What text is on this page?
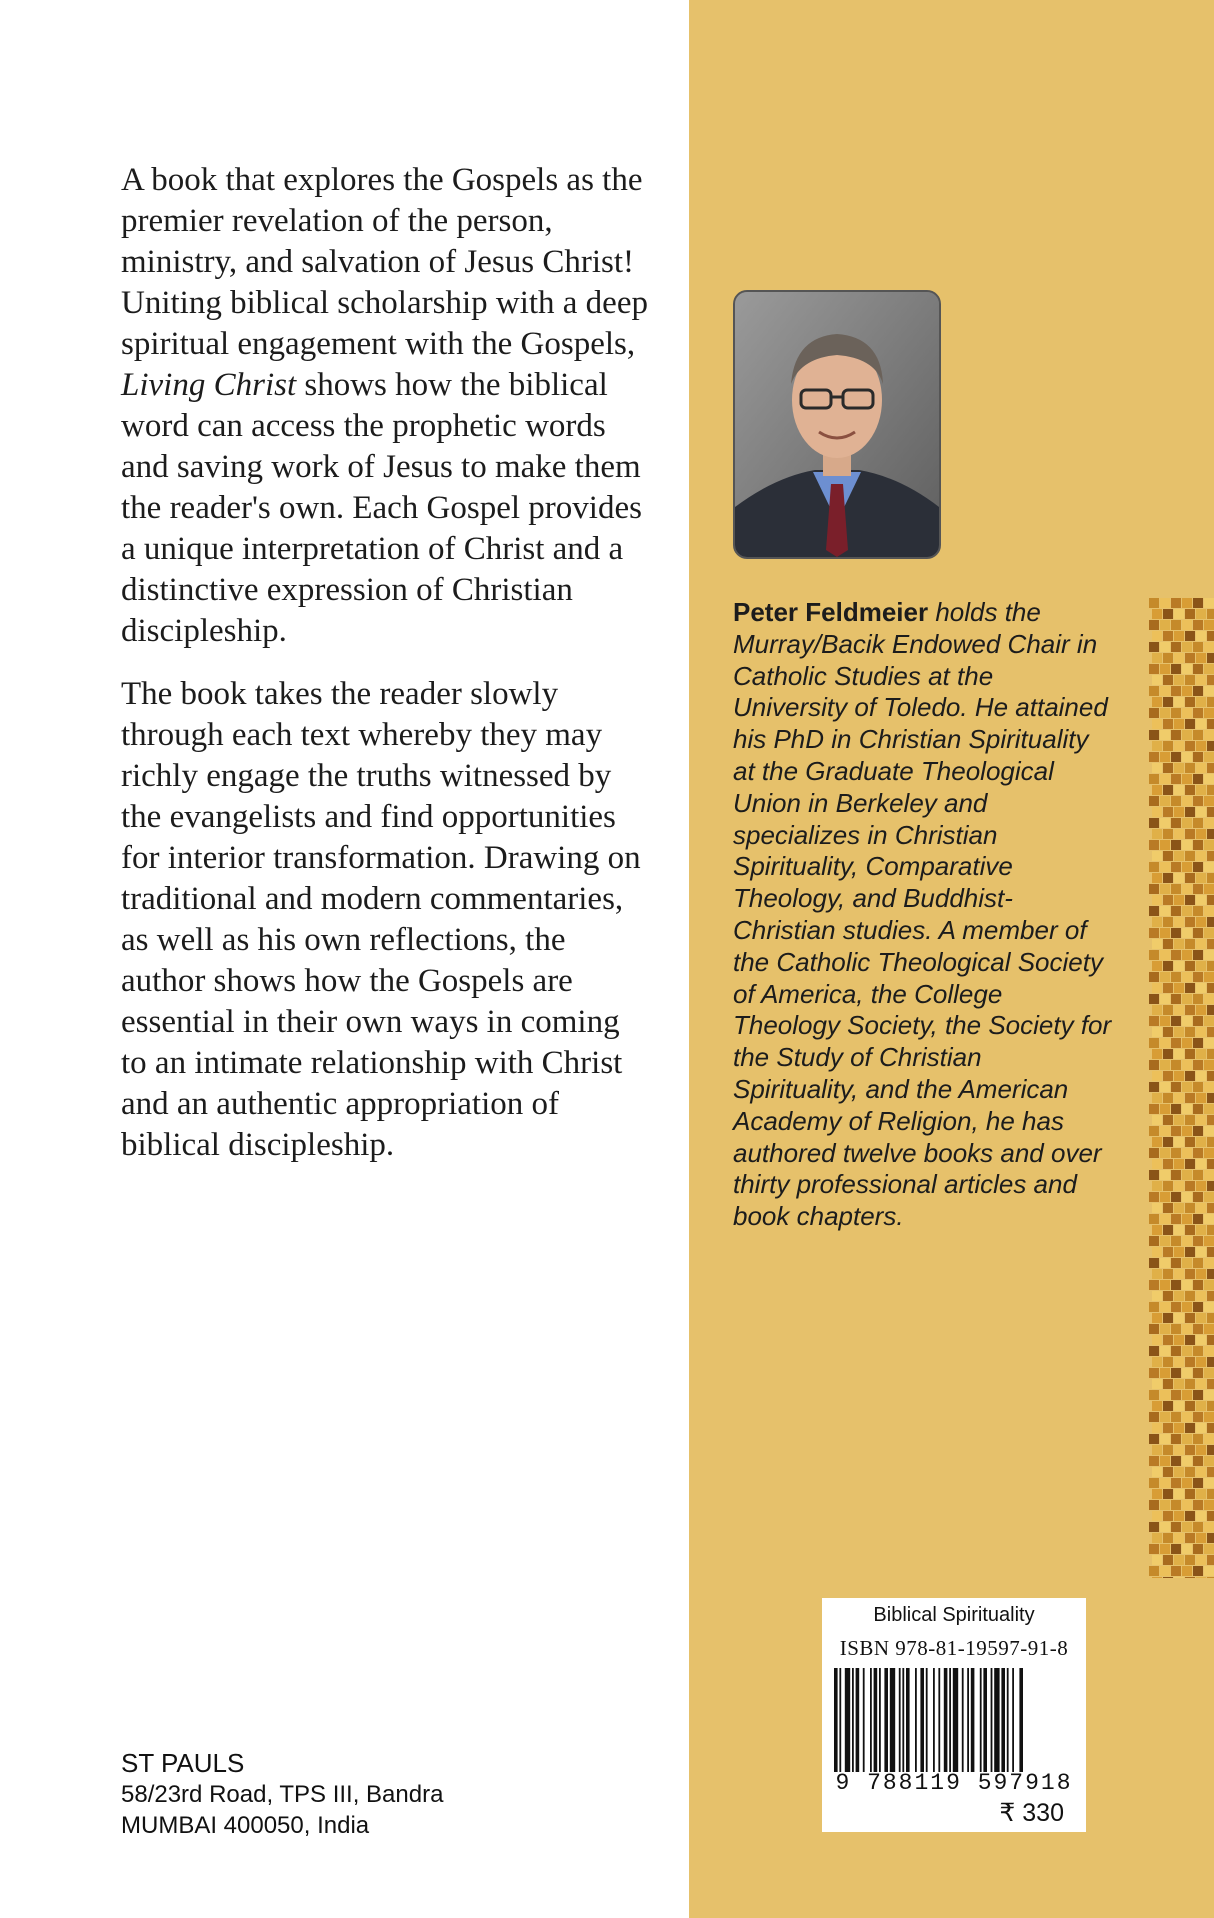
A book that explores the Gospels as the premier revelation of the person, ministry, and salvation of Jesus Christ! Uniting biblical scholarship with a deep spiritual engagement with the Gospels, Living Christ shows how the biblical word can access the prophetic words and saving work of Jesus to make them the reader's own. Each Gospel provides a unique interpretation of Christ and a distinctive expression of Christian discipleship.

The book takes the reader slowly through each text whereby they may richly engage the truths witnessed by the evangelists and find opportunities for interior transformation. Drawing on traditional and modern commentaries, as well as his own reflections, the author shows how the Gospels are essential in their own ways in coming to an intimate relationship with Christ and an authentic appropriation of biblical discipleship.

Peter Feldmeier holds the Murray/Bacik Endowed Chair in Catholic Studies at the University of Toledo. He attained his PhD in Christian Spirituality at the Graduate Theological Union in Berkeley and specializes in Christian Spirituality, Comparative Theology, and Buddhist-Christian studies. A member of the Catholic Theological Society of America, the College Theology Society, the Society for the Study of Christian Spirituality, and the American Academy of Religion, he has authored twelve books and over thirty professional articles and book chapters.
ST PAULS
58/23rd Road, TPS III, Bandra
MUMBAI 400050, India
Biblical Spirituality
ISBN 978-81-19597-91-8
9 788119 597918
₹ 330
